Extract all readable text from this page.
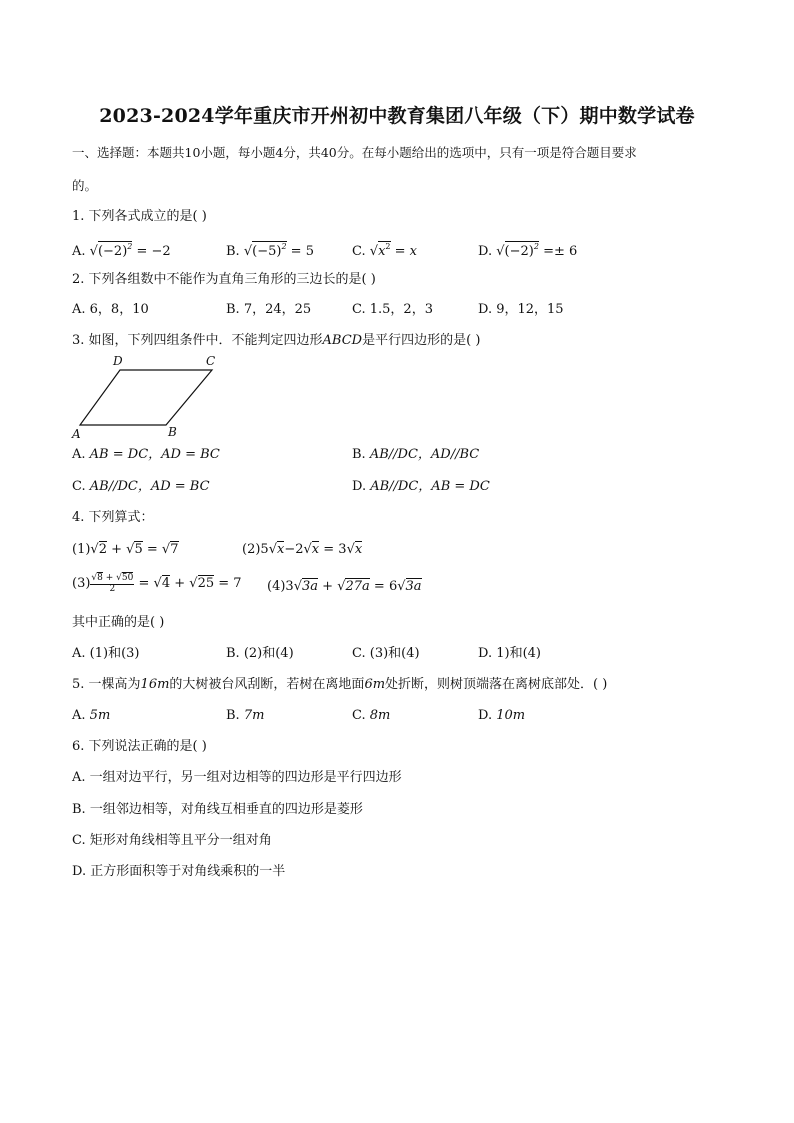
2023-2024学年重庆市开州初中教育集团八年级（下）期中数学试卷
一、选择题：本题共10小题，每小题4分，共40分。在每小题给出的选项中，只有一项是符合题目要求
的。
1. 下列各式成立的是( )
A. $√(-2)^2 = -2$	B. $√(-5)^2 = 5$	C. $√x^2 = x$	D. $√(-2)^2 =\pm 6$
2. 下列各组数中不能作为直角三角形的三边长的是( )
A. 6，8，10	B. 7，24，25	C. 1.5，2，3	D. 9，12，15
3. 如图，下列四组条件中．不能判定四边形ABCD是平行四边形的是( )
D	C
A	B
A. AB = DC，AD = BC	B. AB//DC，AD//BC
C. AB//DC，AD = BC	D. AB//DC，AB = DC
4. 下列算式：
(1)√2 + √5 = √7	(2)5√x−2√x = 3√x
$(3) \frac{√8 + √50}{2} = √4 + √25 = 7$ (4)3√3a + √27a = 6√3a
其中正确的是( )
A. (1)和(3)	B. (2)和(4)	C. (3)和(4)	D. 1)和(4)
5. 一棵高为16m的大树被台风刮断，若树在离地面6m处折断，则树顶端落在离树底部处．( )
A. 5m	B. 7m	C. 8m	D. 10m
6. 下列说法正确的是( )
A. 一组对边平行，另一组对边相等的四边形是平行四边形
B. 一组邻边相等，对角线互相垂直的四边形是菱形
C. 矩形对角线相等且平分一组对角
D. 正方形面积等于对角线乘积的一半
